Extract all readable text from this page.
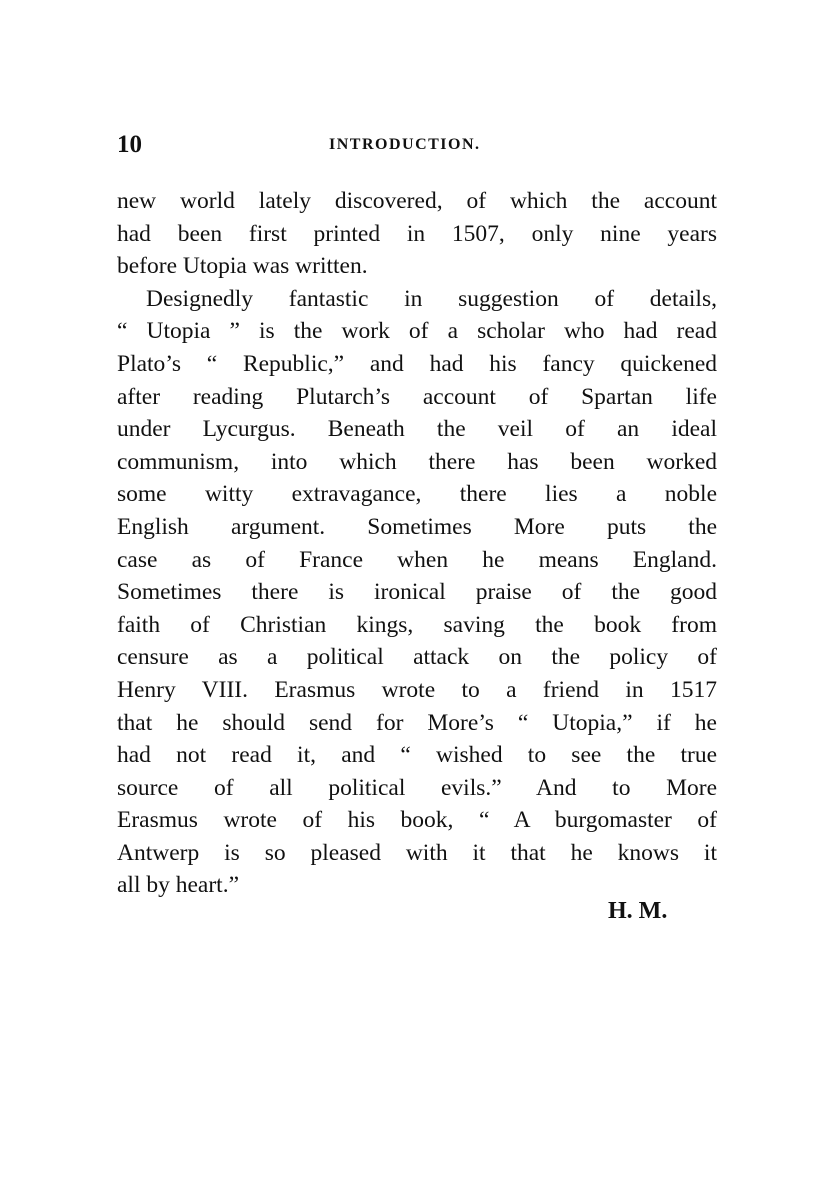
10	INTRODUCTION.
new world lately discovered, of which the account
had been first printed in 1507, only nine years
before Utopia was written.
Designedly fantastic in suggestion of details,
“ Utopia ” is the work of a scholar who had read
Plato’s “ Republic,” and had his fancy quickened
after reading Plutarch’s account of Spartan life
under Lycurgus. Beneath the veil of an ideal
communism, into which there has been worked
some witty extravagance, there lies a noble
English argument. Sometimes More puts the
case as of France when he means England.
Sometimes there is ironical praise of the good
faith of Christian kings, saving the book from
censure as a political attack on the policy of
Henry VIII. Erasmus wrote to a friend in 1517
that he should send for More’s “ Utopia,” if he
had not read it, and “ wished to see the true
source of all political evils.” And to More
Erasmus wrote of his book, “ A burgomaster of
Antwerp is so pleased with it that he knows it
all by heart.”
H. M.
